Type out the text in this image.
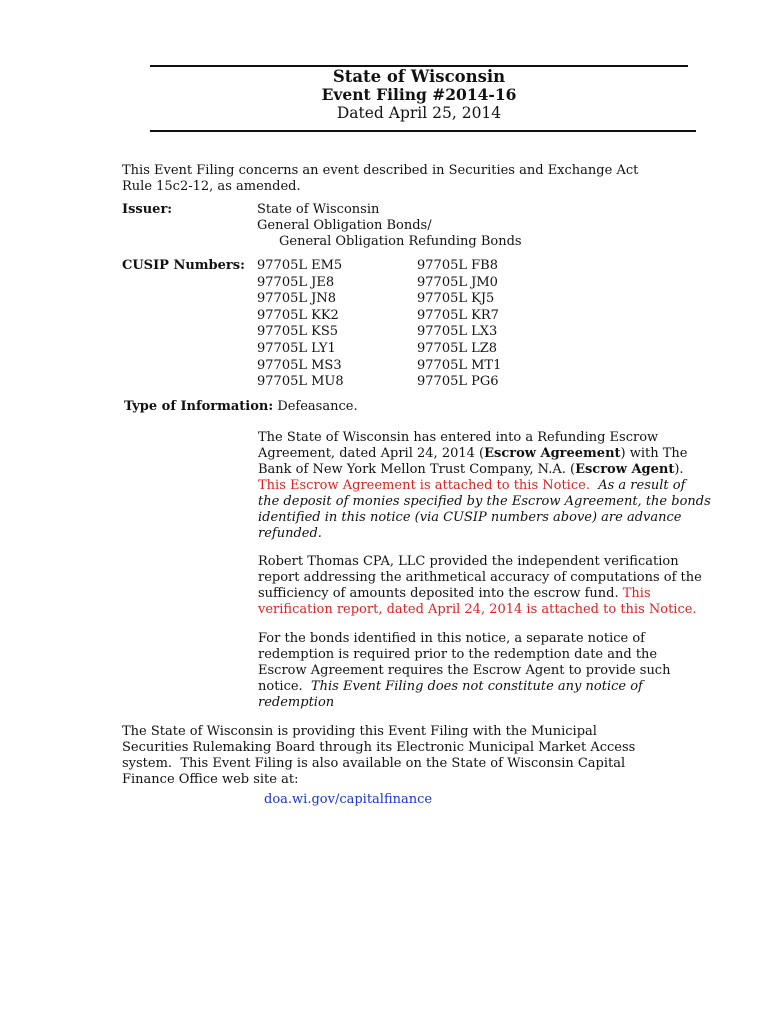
State of Wisconsin
Event Filing #2014-16
Dated April 25, 2014
This Event Filing concerns an event described in Securities and Exchange Act
Rule 15c2-12, as amended.
Issuer:	State of Wisconsin
General Obligation Bonds/
General Obligation Refunding Bonds
CUSIP Numbers: 97705L EM5
97705L JE8
97705L JN8
97705L KK2
97705L KS5
97705L LY1
97705L MS3
97705L MU8
97705L FB8
97705L JM0
97705L KJ5
97705L KR7
97705L LX3
97705L LZ8
97705L MT1
97705L PG6
Type of Information: Defeasance.
The State of Wisconsin has entered into a Refunding Escrow
Agreement, dated April 24, 2014 (Escrow Agreement) with The
Bank of New York Mellon Trust Company, N.A. (Escrow Agent).
This Escrow Agreement is attached to this Notice. As a result of
the deposit of monies specified by the Escrow Agreement, the bonds
identified in this notice (via CUSIP numbers above) are advance
refunded.
Robert Thomas CPA, LLC provided the independent verification
report addressing the arithmetical accuracy of computations of the
sufficiency of amounts deposited into the escrow fund. This
verification report, dated April 24, 2014 is attached to this Notice.
For the bonds identified in this notice, a separate notice of
redemption is required prior to the redemption date and the
Escrow Agreement requires the Escrow Agent to provide such
notice. This Event Filing does not constitute any notice of
redemption
The State of Wisconsin is providing this Event Filing with the Municipal
Securities Rulemaking Board through its Electronic Municipal Market Access
system.  This Event Filing is also available on the State of Wisconsin Capital
Finance Office web site at:
doa.wi.gov/capitalfinance
